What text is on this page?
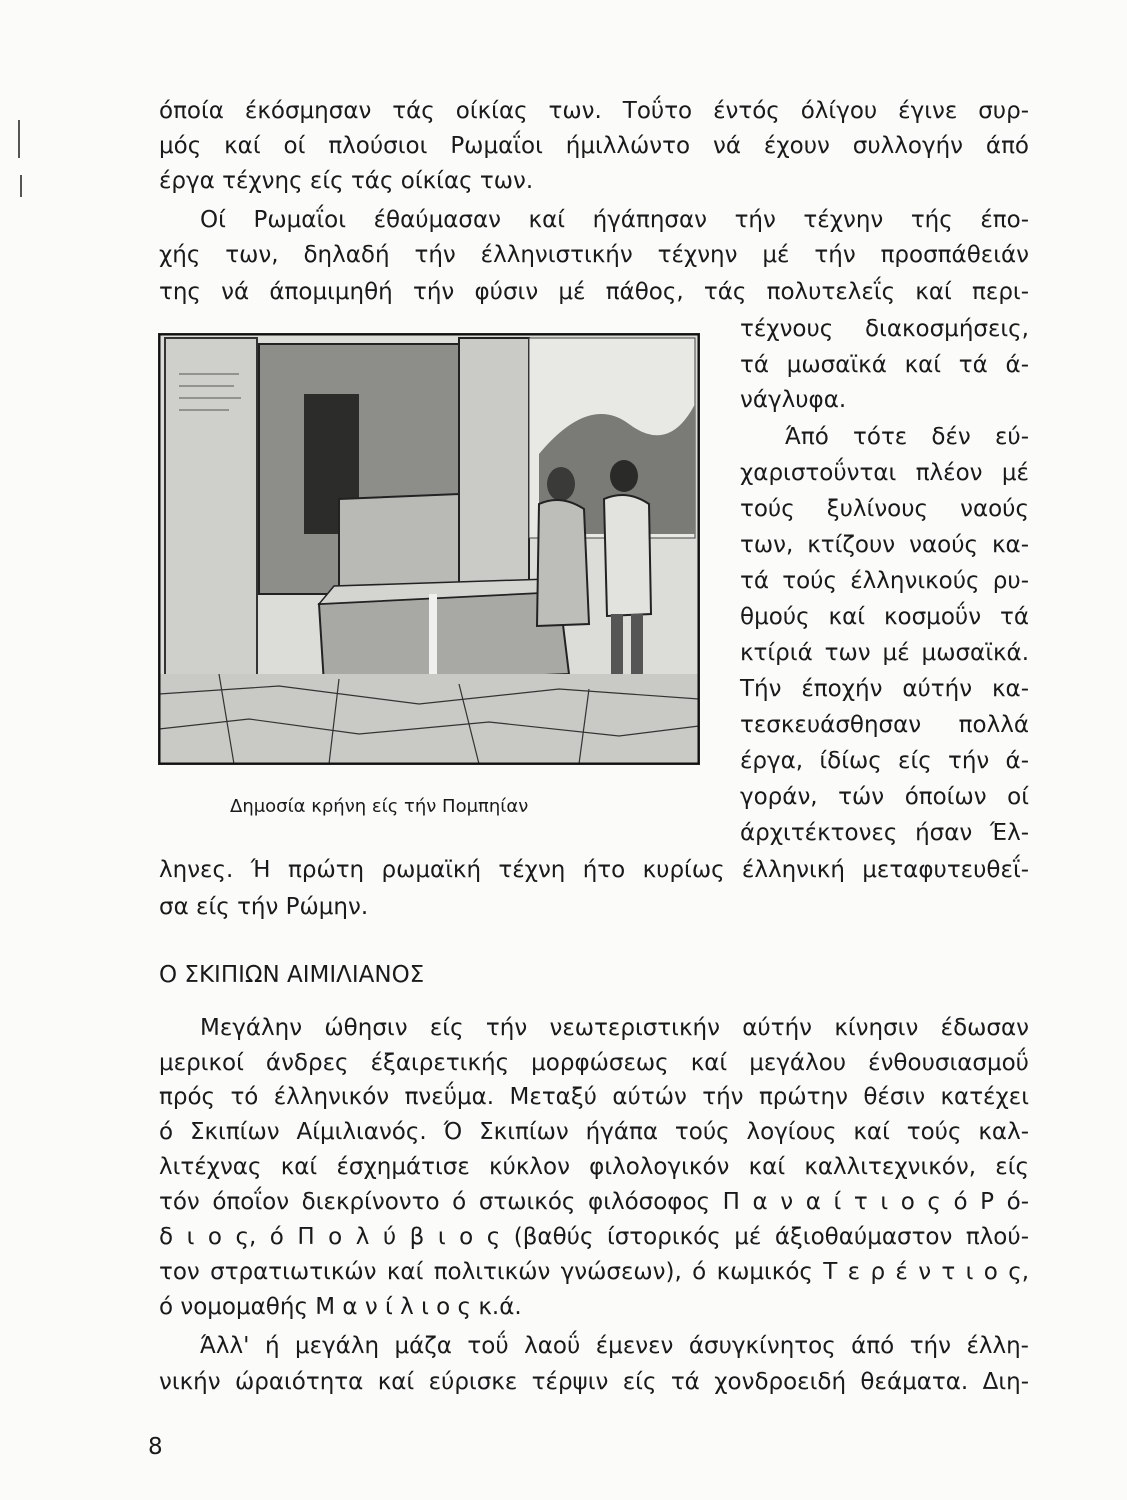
όποία έκόσμησαν τάς οίκίας των. Τοΰτο έντός όλίγου έγινε συρ-
μός καί οί πλούσιοι Ρωμαΐοι ήμιλλώντο νά έχουν συλλογήν άπό
έργα τέχνης είς τάς οίκίας των.
Οί Ρωμαΐοι έθαύμασαν καί ήγάπησαν τήν τέχνην τής έπο-
χής των, δηλαδή τήν έλληνιστικήν τέχνην μέ τήν προσπάθειάν
της νά άπομιμηθή τήν φύσιν μέ πάθος, τάς πολυτελεΐς καί περι-
τέχνους διακοσμήσεις,
τά μωσαϊκά καί τά ά-
νάγλυφα.
Άπό τότε δέν εύ-
χαριστοΰνται πλέον μέ
τούς ξυλίνους ναούς
των, κτίζουν ναούς κα-
τά τούς έλληνικούς ρυ-
θμούς καί κοσμοΰν τά
κτίριά των μέ μωσαϊκά.
Τήν έποχήν αύτήν κα-
τεσκευάσθησαν πολλά
έργα, ίδίως είς τήν ά-
γοράν, τών όποίων οί
άρχιτέκτονες ήσαν Έλ-
Δημοσία κρήνη είς τήν Πομπηίαν
ληνες. Ή πρώτη ρωμαϊκή τέχνη ήτο κυρίως έλληνική μεταφυτευθεΐ-
σα είς τήν Ρώμην.
Ο ΣΚΙΠΙΩΝ ΑΙΜΙΛΙΑΝΟΣ
Μεγάλην ώθησιν είς τήν νεωτεριστικήν αύτήν κίνησιν έδωσαν
μερικοί άνδρες έξαιρετικής μορφώσεως καί μεγάλου ένθουσιασμοΰ
πρός τό έλληνικόν πνεΰμα. Μεταξύ αύτών τήν πρώτην θέσιν κατέχει
ό Σκιπίων Αίμιλιανός. Ό Σκιπίων ήγάπα τούς λογίους καί τούς καλ-
λιτέχνας καί έσχημάτισε κύκλον φιλολογικόν καί καλλιτεχνικόν, είς
τόν όποΐον διεκρίνοντο ό στωικός φιλόσοφος Π α ν α ί τ ι ο ς ό Ρ ό-
δ ι ο ς, ό Π ο λ ύ β ι ο ς (βαθύς ίστορικός μέ άξιοθαύμαστον πλού-
τον στρατιωτικών καί πολιτικών γνώσεων), ό κωμικός Τ ε ρ έ ν τ ι ο ς,
ό νομομαθής Μ α ν ί λ ι ο ς κ.ά.
Άλλ' ή μεγάλη μάζα τοΰ λαοΰ έμενεν άσυγκίνητος άπό τήν έλλη-
νικήν ώραιότητα καί εύρισκε τέρψιν είς τά χονδροειδή θεάματα. Διη-
8
